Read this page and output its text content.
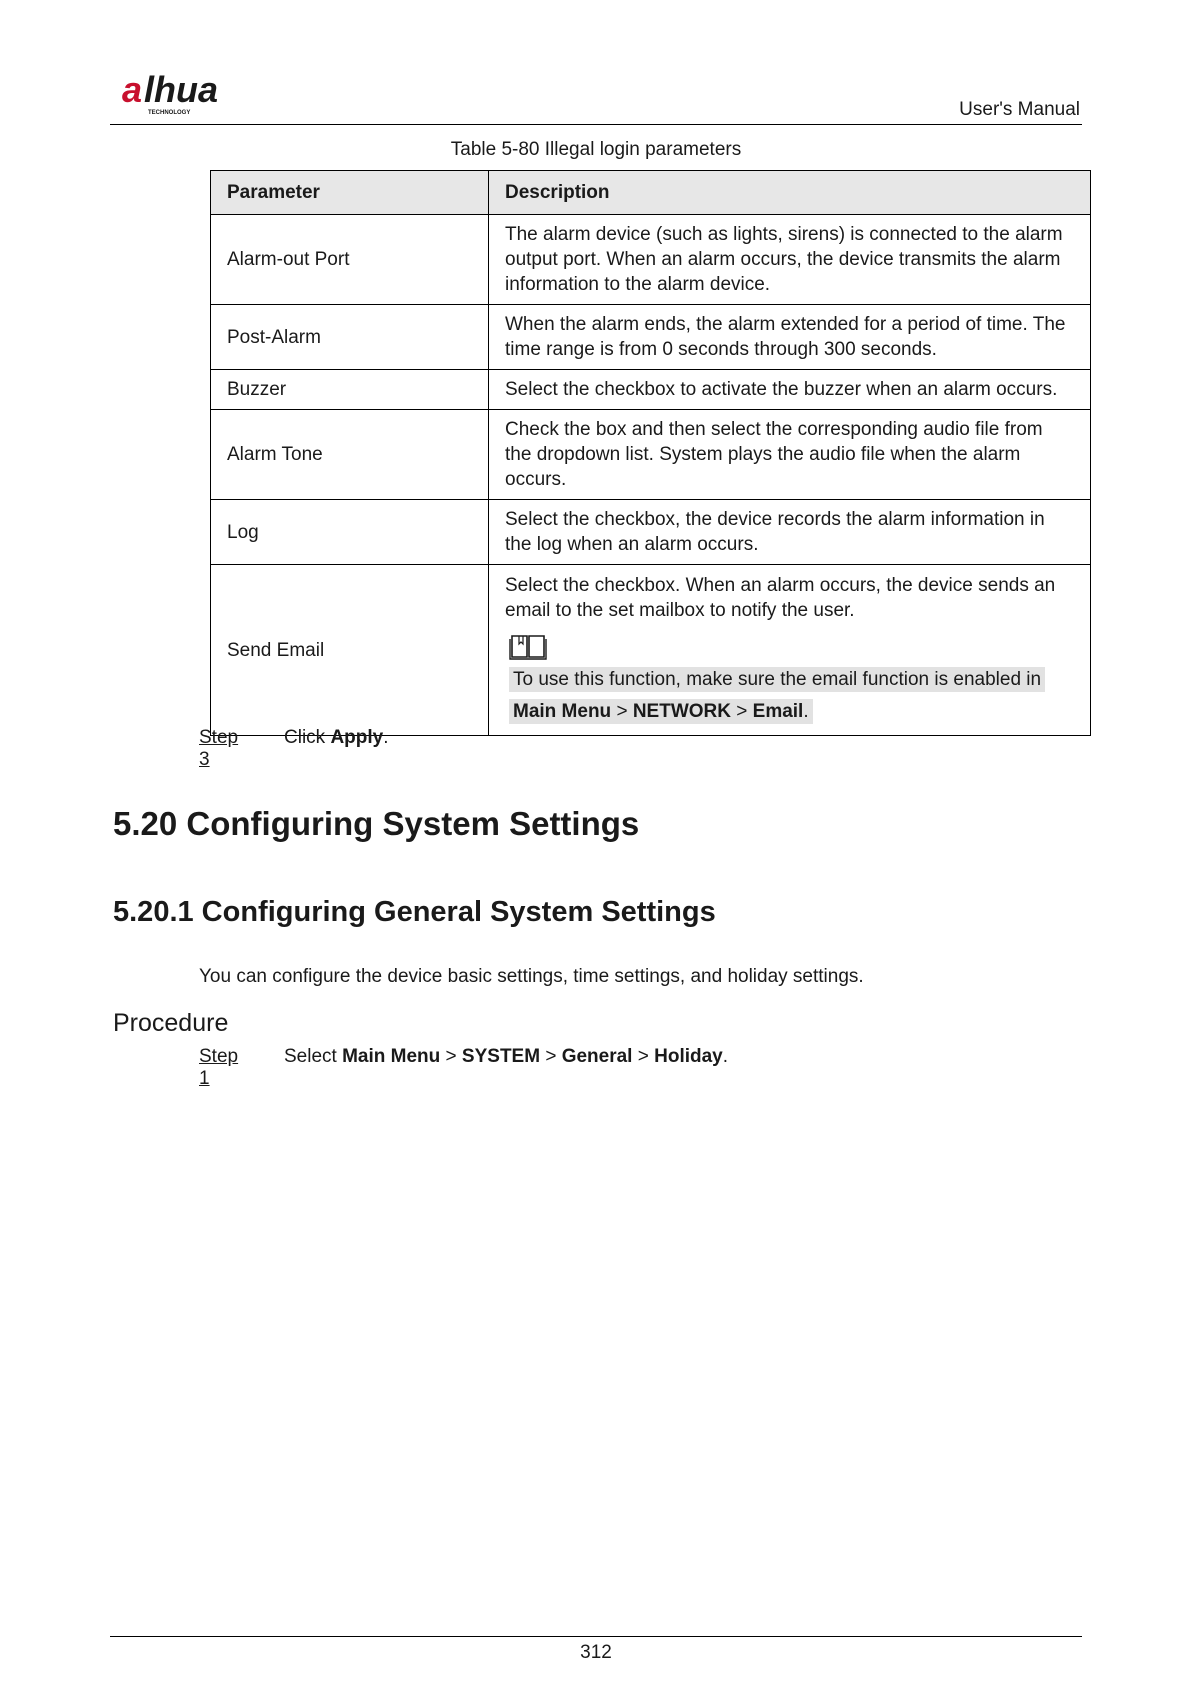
a lhua
TECHNOLOGY	User's Manual
Table 5-80 Illegal login parameters
Parameter	Description
Alarm-out Port	The alarm device (such as lights, sirens) is connected to the alarm output port. When an alarm occurs, the device transmits the alarm information to the alarm device.
Post-Alarm	When the alarm ends, the alarm extended for a period of time. The time range is from 0 seconds through 300 seconds.
Buzzer	Select the checkbox to activate the buzzer when an alarm occurs.
Alarm Tone	Check the box and then select the corresponding audio file from the dropdown list. System plays the audio file when the alarm occurs.
Log	Select the checkbox, the device records the alarm information in the log when an alarm occurs.
Send Email	Select the checkbox. When an alarm occurs, the device sends an email to the set mailbox to notify the user.
To use this function, make sure the email function is enabled in
Main Menu > NETWORK > Email.
Step 3
Click Apply.
5.20 Configuring System Settings
5.20.1 Configuring General System Settings
You can configure the device basic settings, time settings, and holiday settings.
Procedure
Step 1
Select Main Menu > SYSTEM > General > Holiday.
312
